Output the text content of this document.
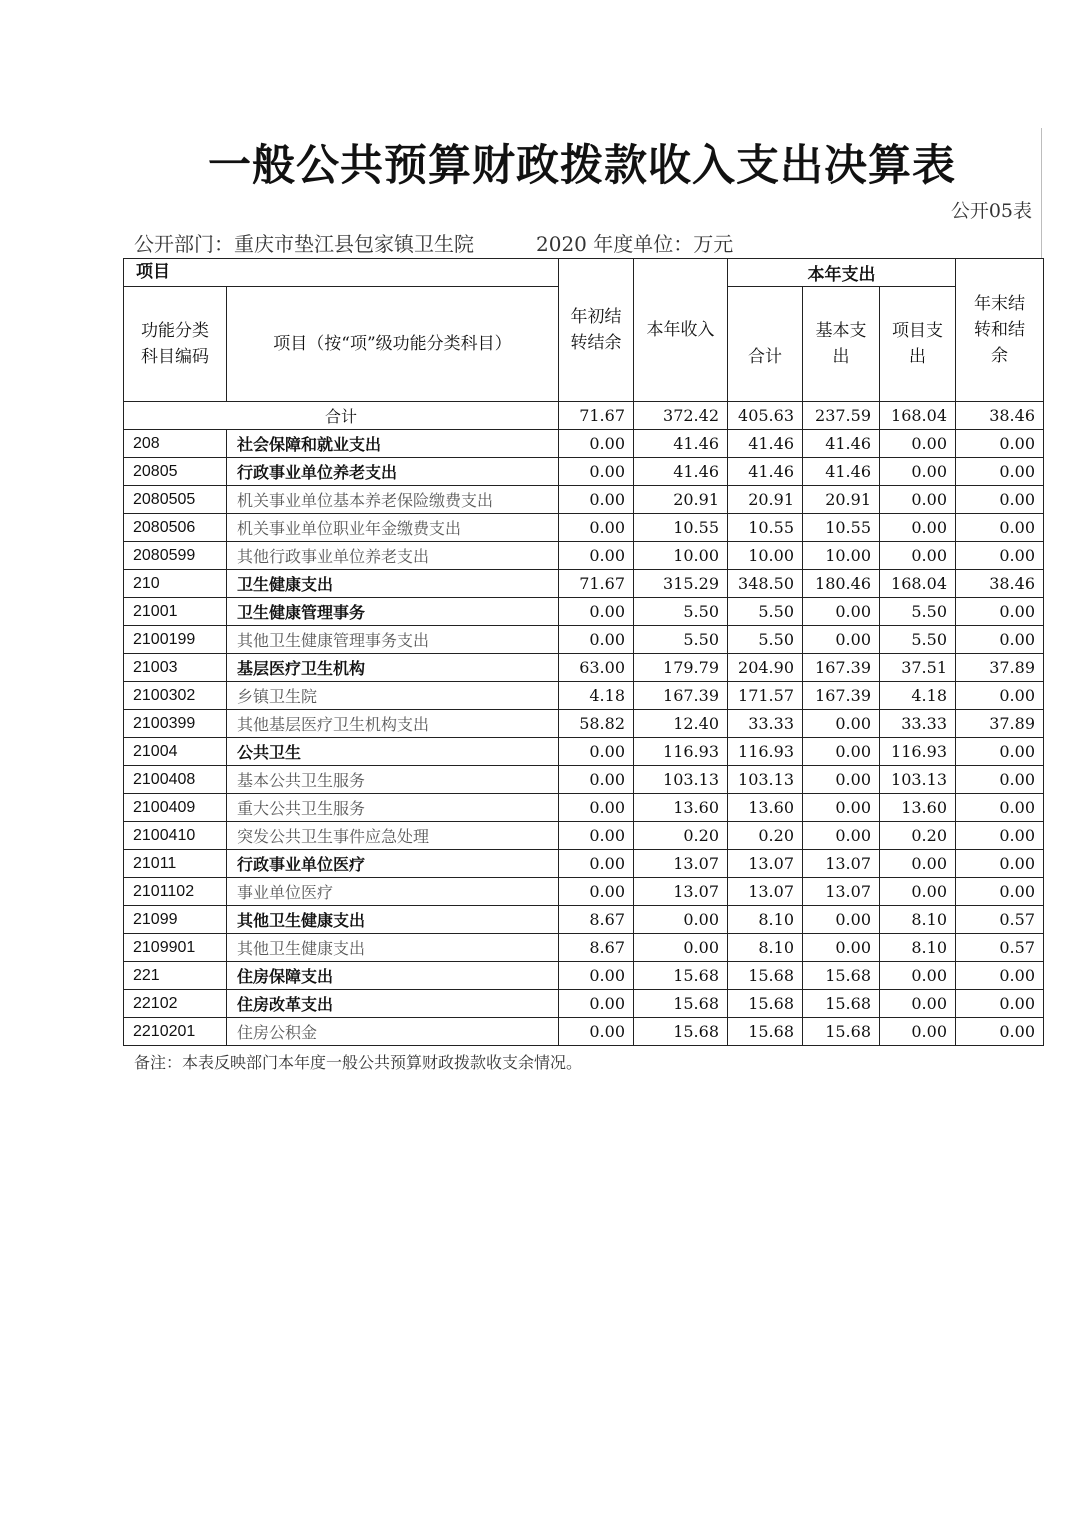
一般公共预算财政拨款收入支出决算表
公开05表
公开部门：重庆市垫江县包家镇卫生院	2020 年度单位：万元
项目		年初结转结余	本年收入	本年支出			年末结转和结余
功能分类科目编码	项目（按“项”级功能分类科目）			合计	基本支出	项目支出	
合计		71.67	372.42	405.63	237.59	168.04	38.46
208	社会保障和就业支出	0.00	41.46	41.46	41.46	0.00	0.00
20805	行政事业单位养老支出	0.00	41.46	41.46	41.46	0.00	0.00
2080505	机关事业单位基本养老保险缴费支出	0.00	20.91	20.91	20.91	0.00	0.00
2080506	机关事业单位职业年金缴费支出	0.00	10.55	10.55	10.55	0.00	0.00
2080599	其他行政事业单位养老支出	0.00	10.00	10.00	10.00	0.00	0.00
210	卫生健康支出	71.67	315.29	348.50	180.46	168.04	38.46
21001	卫生健康管理事务	0.00	5.50	5.50	0.00	5.50	0.00
2100199	其他卫生健康管理事务支出	0.00	5.50	5.50	0.00	5.50	0.00
21003	基层医疗卫生机构	63.00	179.79	204.90	167.39	37.51	37.89
2100302	乡镇卫生院	4.18	167.39	171.57	167.39	4.18	0.00
2100399	其他基层医疗卫生机构支出	58.82	12.40	33.33	0.00	33.33	37.89
21004	公共卫生	0.00	116.93	116.93	0.00	116.93	0.00
2100408	基本公共卫生服务	0.00	103.13	103.13	0.00	103.13	0.00
2100409	重大公共卫生服务	0.00	13.60	13.60	0.00	13.60	0.00
2100410	突发公共卫生事件应急处理	0.00	0.20	0.20	0.00	0.20	0.00
21011	行政事业单位医疗	0.00	13.07	13.07	13.07	0.00	0.00
2101102	事业单位医疗	0.00	13.07	13.07	13.07	0.00	0.00
21099	其他卫生健康支出	8.67	0.00	8.10	0.00	8.10	0.57
2109901	其他卫生健康支出	8.67	0.00	8.10	0.00	8.10	0.57
221	住房保障支出	0.00	15.68	15.68	15.68	0.00	0.00
22102	住房改革支出	0.00	15.68	15.68	15.68	0.00	0.00
2210201	住房公积金	0.00	15.68	15.68	15.68	0.00	0.00
备注：本表反映部门本年度一般公共预算财政拨款收支余情况。
